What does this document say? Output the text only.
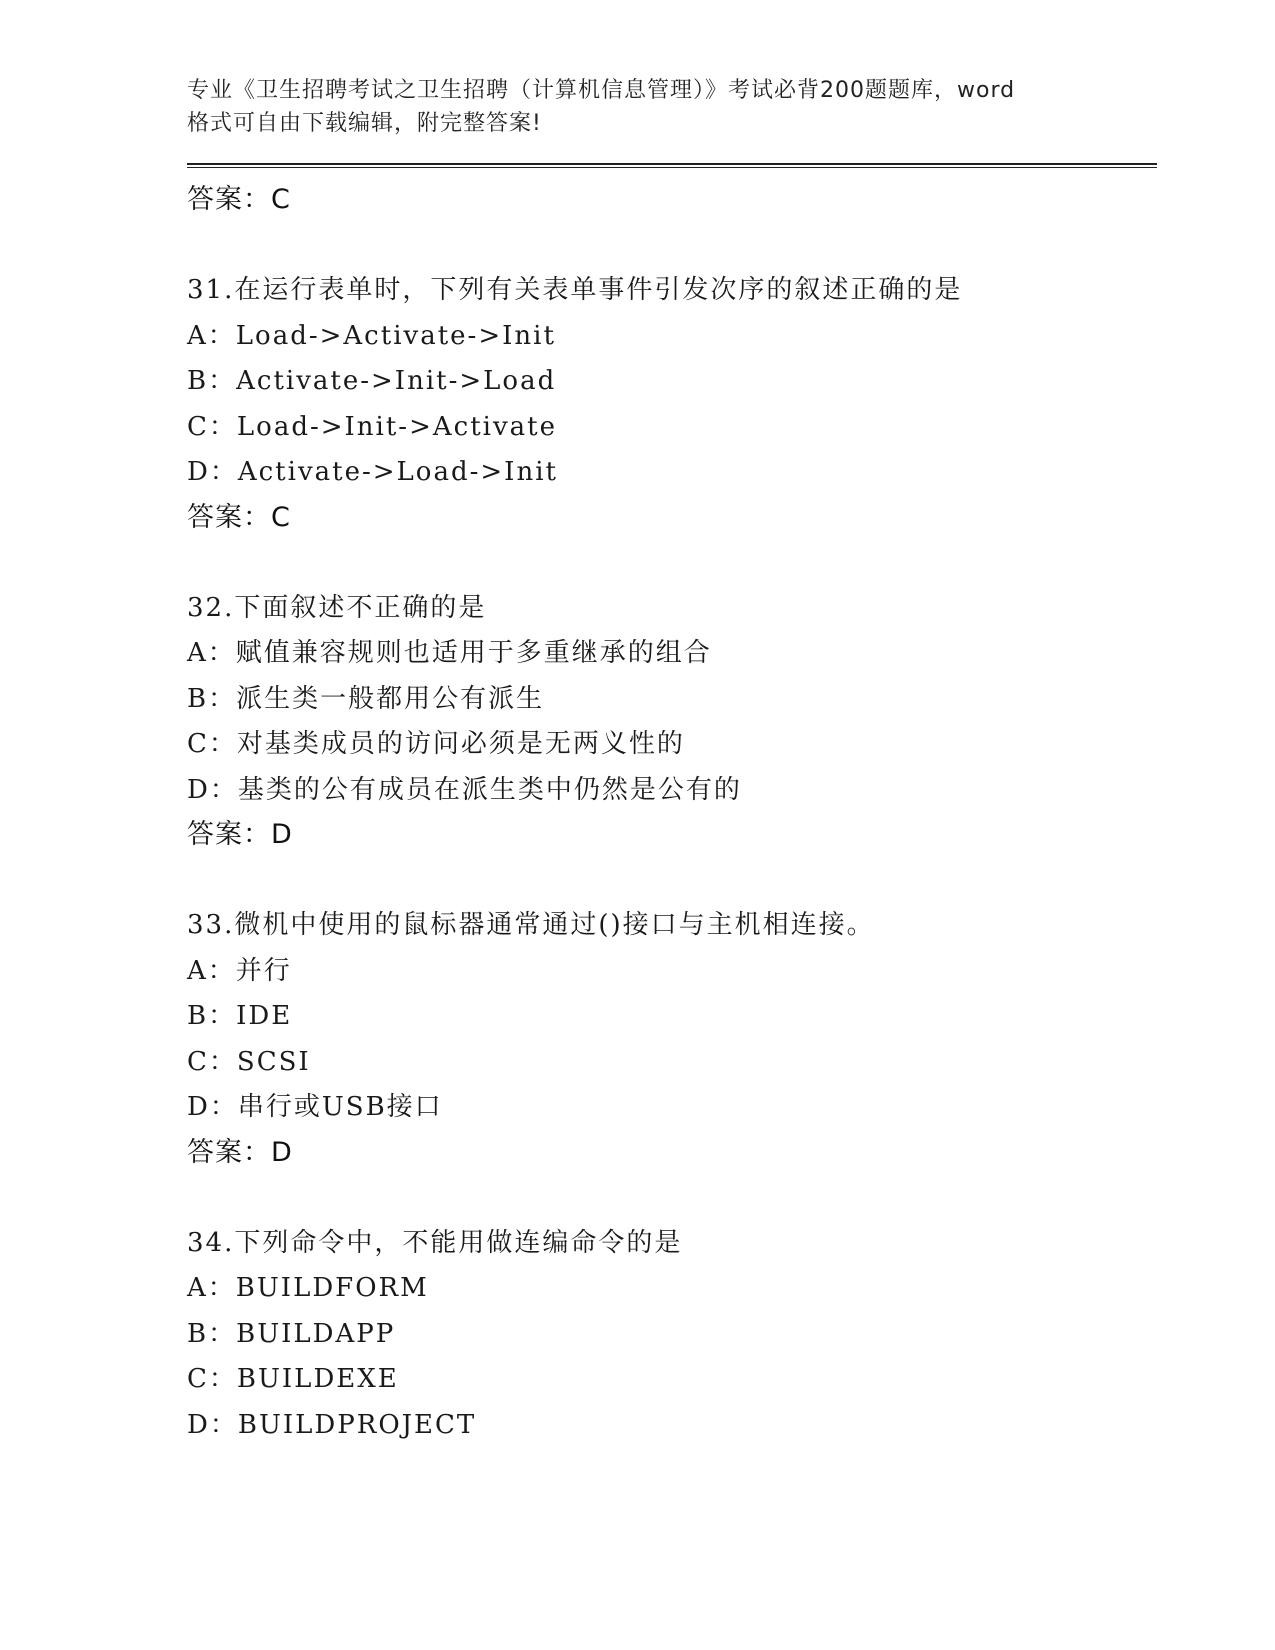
专业《卫生招聘考试之卫生招聘（计算机信息管理）》考试必背200题题库，word
格式可自由下载编辑，附完整答案!
答案：C
31.在运行表单时，下列有关表单事件引发次序的叙述正确的是
A：Load->Activate->Init
B：Activate->Init->Load
C：Load->Init->Activate
D：Activate->Load->Init
答案：C
32.下面叙述不正确的是
A：赋值兼容规则也适用于多重继承的组合
B：派生类一般都用公有派生
C：对基类成员的访问必须是无两义性的
D：基类的公有成员在派生类中仍然是公有的
答案：D
33.微机中使用的鼠标器通常通过()接口与主机相连接。
A：并行
B：IDE
C：SCSI
D：串行或USB接口
答案：D
34.下列命令中，不能用做连编命令的是
A：BUILDFORM
B：BUILDAPP
C：BUILDEXE
D：BUILDPROJECT
